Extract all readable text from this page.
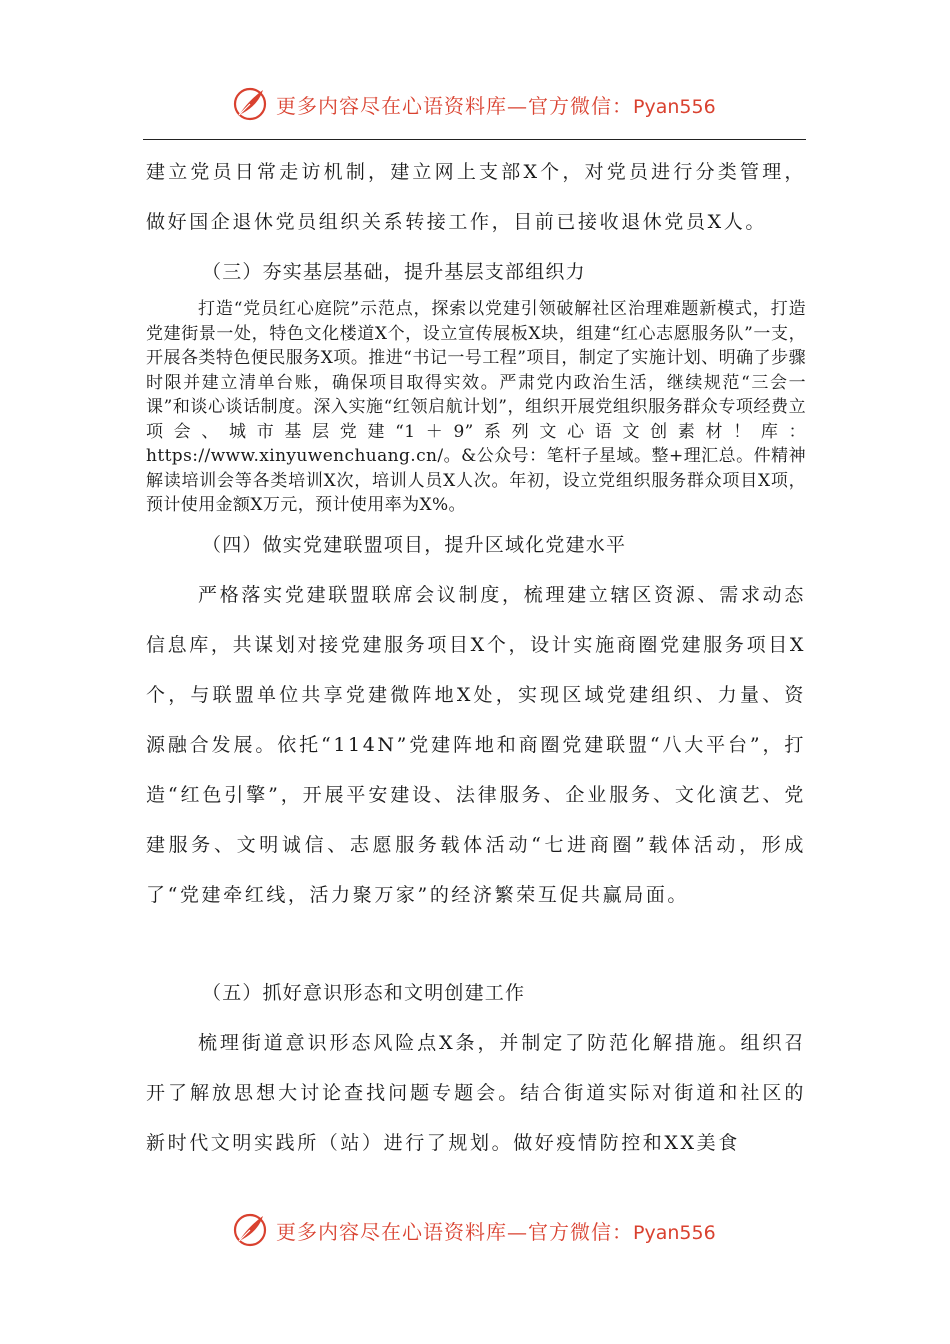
更多内容尽在心语资料库—官方微信：Pyan556

建立党员日常走访机制，建立网上支部X个，对党员进行分类管理，做好国企退休党员组织关系转接工作，目前已接收退休党员X人。

（三）夯实基层基础，提升基层支部组织力

打造“党员红心庭院”示范点，探索以党建引领破解社区治理难题新模式，打造党建街景一处，特色文化楼道X个，设立宣传展板X块，组建“红心志愿服务队”一支，开展各类特色便民服务X项。推进“书记一号工程”项目，制定了实施计划、明确了步骤时限并建立清单台账，确保项目取得实效。严肃党内政治生活，继续规范“三会一课”和谈心谈话制度。深入实施“红领启航计划”，组织开展党组织服务群众专项经费立项会、城市基层党建“1＋9”系列文心语文创素材！库：https://www.xinyuwenchuang.cn/。&公众号：笔杆子星域。整+理汇总。件精神解读培训会等各类培训X次，培训人员X人次。年初，设立党组织服务群众项目X项，预计使用金额X万元，预计使用率为X%。

（四）做实党建联盟项目，提升区域化党建水平

严格落实党建联盟联席会议制度，梳理建立辖区资源、需求动态信息库，共谋划对接党建服务项目X个，设计实施商圈党建服务项目X个，与联盟单位共享党建微阵地X处，实现区域党建组织、力量、资源融合发展。依托“114N”党建阵地和商圈党建联盟“八大平台”，打造“红色引擎”，开展平安建设、法律服务、企业服务、文化演艺、党建服务、文明诚信、志愿服务载体活动“七进商圈”载体活动，形成了“党建牵红线，活力聚万家”的经济繁荣互促共赢局面。

（五）抓好意识形态和文明创建工作

梳理街道意识形态风险点X条，并制定了防范化解措施。组织召开了解放思想大讨论查找问题专题会。结合街道实际对街道和社区的新时代文明实践所（站）进行了规划。做好疫情防控和XX美食

更多内容尽在心语资料库—官方微信：Pyan556
